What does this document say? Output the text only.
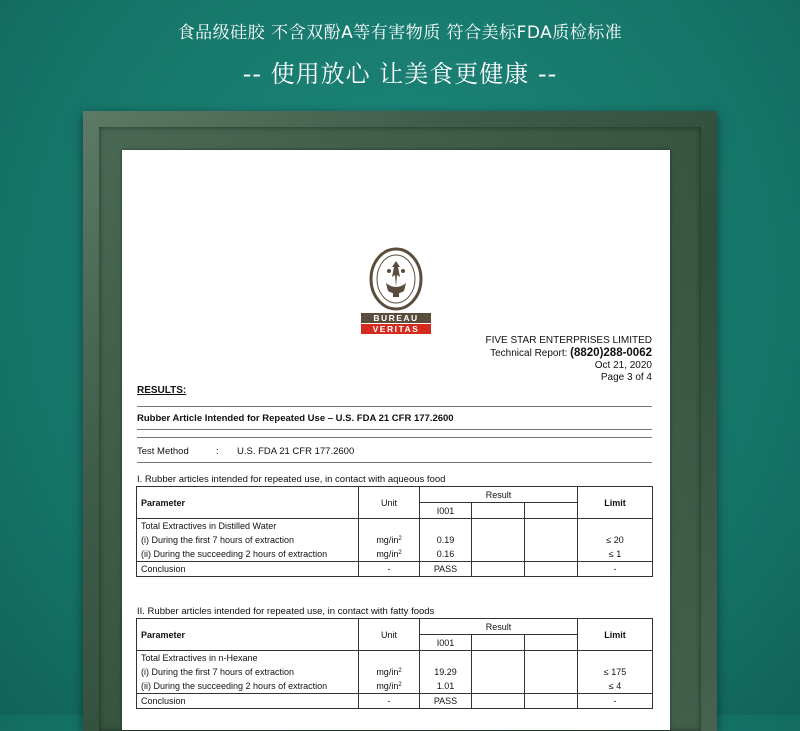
食品级硅胶 不含双酚A等有害物质 符合美标FDA质检标准
-- 使用放心 让美食更健康 --
BUREAU
VERITAS
FIVE STAR ENTERPRISES LIMITED
Technical Report: (8820)288-0062
Oct 21, 2020
Page 3 of 4
RESULTS:
Rubber Article Intended for Repeated Use – U.S. FDA 21 CFR 177.2600
Test Method	: U.S. FDA 21 CFR 177.2600
I. Rubber articles intended for repeated use, in contact with aqueous food
Parameter	Unit	Result			Limit
		I001			
Total Extractives in Distilled Water					
(i) During the first 7 hours of extraction	$mg/in^2$	0.19			≤ 20
(ii) During the succeeding 2 hours of extraction	$mg/in^2$	0.16			≤ 1
Conclusion	-	PASS			-
II. Rubber articles intended for repeated use, in contact with fatty foods
Parameter	Unit	Result			Limit
		I001			
Total Extractives in n-Hexane					
(i) During the first 7 hours of extraction	$mg/in^2$	19.29			≤ 175
(ii) During the succeeding 2 hours of extraction	$mg/in^2$	1.01			≤ 4
Conclusion	-	PASS			-
